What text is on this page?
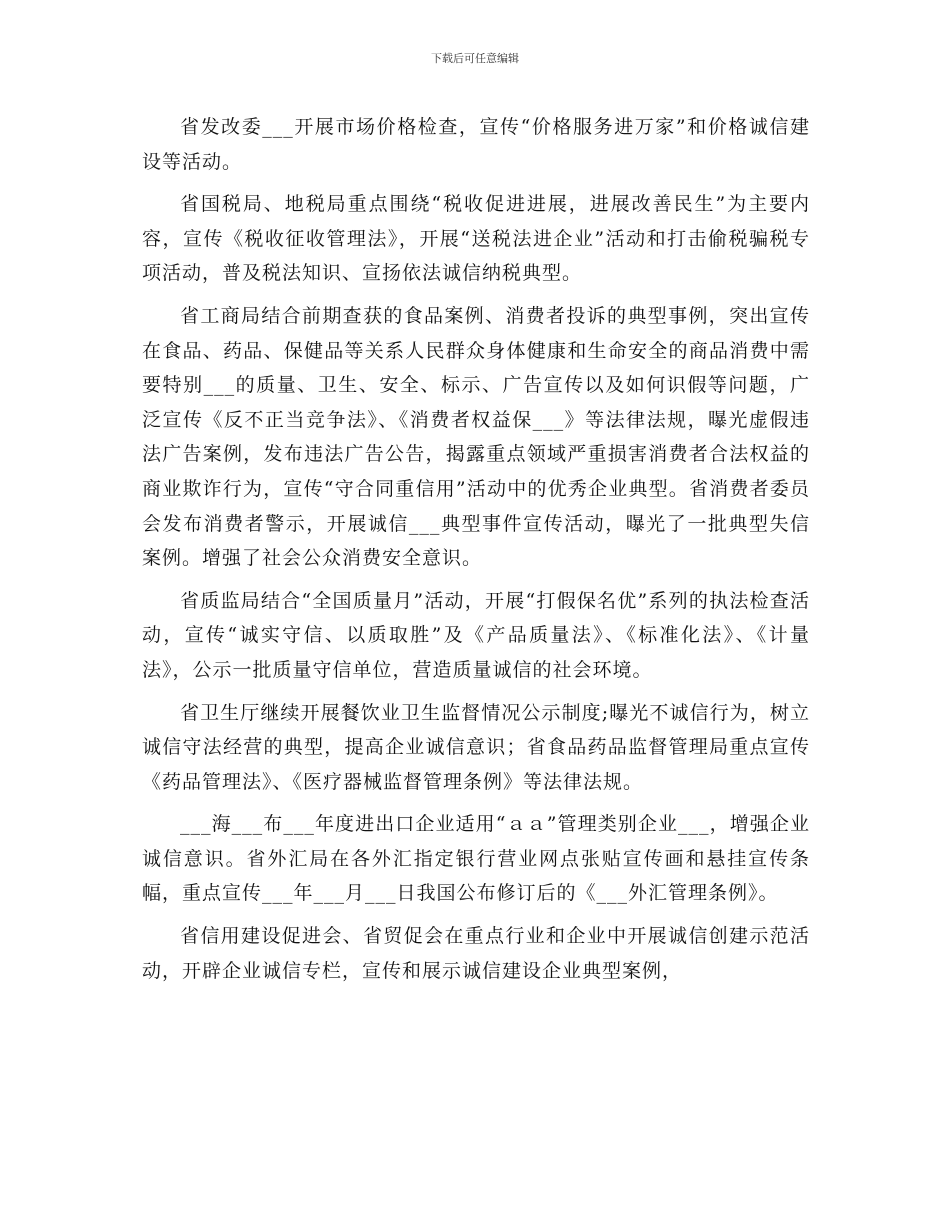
下载后可任意编辑

省发改委___开展市场价格检查，宣传“价格服务进万家”和价格诚信建设等活动。

省国税局、地税局重点围绕“税收促进进展，进展改善民生”为主要内容，宣传《税收征收管理法》，开展“送税法进企业”活动和打击偷税骗税专项活动，普及税法知识、宣扬依法诚信纳税典型。

省工商局结合前期查获的食品案例、消费者投诉的典型事例，突出宣传在食品、药品、保健品等关系人民群众身体健康和生命安全的商品消费中需要特别___的质量、卫生、安全、标示、广告宣传以及如何识假等问题，广泛宣传《反不正当竞争法》、《消费者权益保___》等法律法规，曝光虚假违法广告案例，发布违法广告公告，揭露重点领域严重损害消费者合法权益的商业欺诈行为，宣传“守合同重信用”活动中的优秀企业典型。省消费者委员会发布消费者警示，开展诚信___典型事件宣传活动，曝光了一批典型失信案例。增强了社会公众消费安全意识。

省质监局结合“全国质量月”活动，开展“打假保名优”系列的执法检查活动，宣传“诚实守信、以质取胜”及《产品质量法》、《标准化法》、《计量法》，公示一批质量守信单位，营造质量诚信的社会环境。

省卫生厅继续开展餐饮业卫生监督情况公示制度;曝光不诚信行为，树立诚信守法经营的典型，提高企业诚信意识；省食品药品监督管理局重点宣传《药品管理法》、《医疗器械监督管理条例》等法律法规。

___海___布___年度进出口企业适用“ａａ”管理类别企业___，增强企业诚信意识。省外汇局在各外汇指定银行营业网点张贴宣传画和悬挂宣传条幅，重点宣传___年___月___日我国公布修订后的《___外汇管理条例》。

省信用建设促进会、省贸促会在重点行业和企业中开展诚信创建示范活动，开辟企业诚信专栏，宣传和展示诚信建设企业典型案例，
